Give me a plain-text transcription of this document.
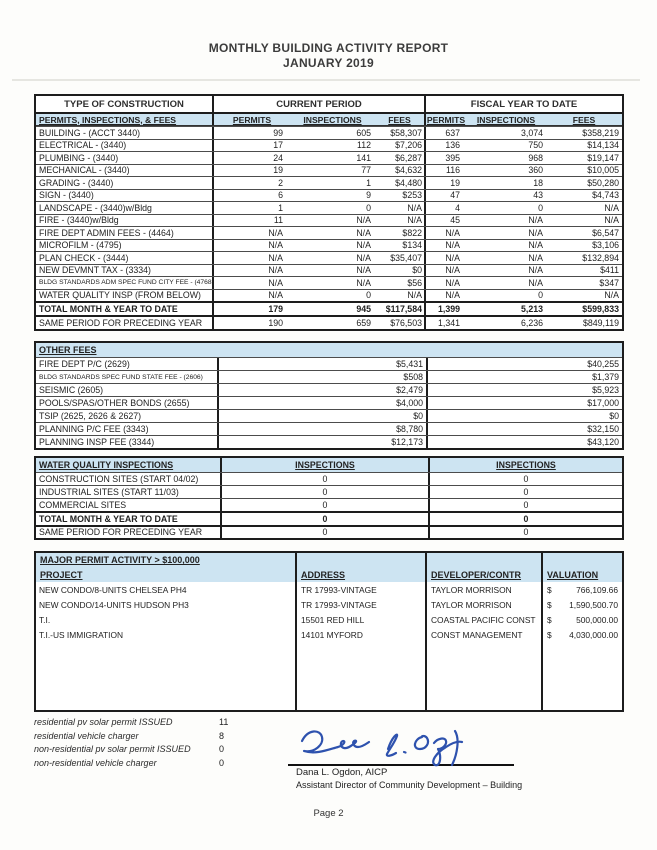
MONTHLY BUILDING ACTIVITY REPORT
JANUARY 2019
TYPE OF CONSTRUCTION	CURRENT PERIOD	FISCAL YEAR TO DATE
PERMITS, INSPECTIONS, & FEES	PERMITS	INSPECTIONS	FEES	PERMITS	INSPECTIONS	FEES
BUILDING - (ACCT 3440)	99	605	$58,307	637	3,074	$358,219
ELECTRICAL - (3440)	17	112	$7,206	136	750	$14,134
PLUMBING - (3440)	24	141	$6,287	395	968	$19,147
MECHANICAL - (3440)	19	77	$4,632	116	360	$10,005
GRADING - (3440)	2	1	$4,480	19	18	$50,280
SIGN - (3440)	6	9	$253	47	43	$4,743
LANDSCAPE - (3440)w/Bldg	1	0	N/A	4	0	N/A
FIRE - (3440)w/Bldg	11	N/A	N/A	45	N/A	N/A
FIRE DEPT ADMIN FEES - (4464)	N/A	N/A	$822	N/A	N/A	$6,547
MICROFILM - (4795)	N/A	N/A	$134	N/A	N/A	$3,106
PLAN CHECK - (3444)	N/A	N/A	$35,407	N/A	N/A	$132,894
NEW DEVMNT TAX - (3334)	N/A	N/A	$0	N/A	N/A	$411
BLDG STANDARDS ADM SPEC FUND CITY FEE - (4768	N/A	N/A	$56	N/A	N/A	$347
WATER QUALITY INSP (FROM BELOW)	N/A	0	N/A	N/A	0	N/A
TOTAL MONTH & YEAR TO DATE	179	945	$117,584	1,399	5,213	$599,833
SAME PERIOD FOR PRECEDING YEAR	190	659	$76,503	1,341	6,236	$849,119
OTHER FEES
FIRE DEPT P/C (2629)	$5,431	$40,255
BLDG STANDARDS SPEC FUND STATE FEE - (2606)	$508	$1,379
SEISMIC (2605)	$2,479	$5,923
POOLS/SPAS/OTHER BONDS (2655)	$4,000	$17,000
TSIP (2625, 2626 & 2627)	$0	$0
PLANNING P/C FEE (3343)	$8,780	$32,150
PLANNING INSP FEE (3344)	$12,173	$43,120
WATER QUALITY INSPECTIONS	INSPECTIONS	INSPECTIONS
CONSTRUCTION SITES (START 04/02)	0	0
INDUSTRIAL SITES (START 11/03)	0	0
COMMERCIAL SITES	0	0
TOTAL MONTH & YEAR TO DATE	0	0
SAME PERIOD FOR PRECEDING YEAR	0	0
MAJOR PERMIT ACTIVITY > $100,000
PROJECT	ADDRESS	DEVELOPER/CONTR	VALUATION
NEW CONDO/8-UNITS CHELSEA PH4	TR 17993-VINTAGE	TAYLOR MORRISON	$	766,109.66
NEW CONDO/14-UNITS HUDSON PH3	TR 17993-VINTAGE	TAYLOR MORRISON	$ 1,590,500.70
T.I.	15501 RED HILL	COASTAL PACIFIC CONST	$	500,000.00
T.I.-US IMMIGRATION	14101 MYFORD	CONST MANAGEMENT	$ 4,030,000.00
residential pv solar permit ISSUED	11
residential vehicle charger	8
non-residential pv solar permit ISSUED	0
non-residential vehicle charger	0
Dana L. Ogdon, AICP
Assistant Director of Community Development – Building
Page 2
